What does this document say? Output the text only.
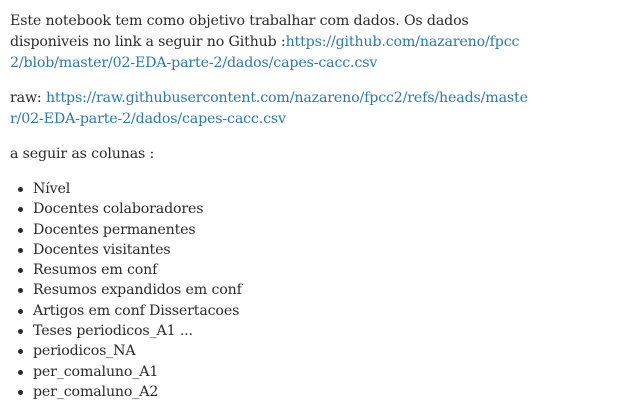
Este notebook tem como objetivo trabalhar com dados. Os dados disponiveis no link a seguir no Github :https://github.com/nazareno/fpcc2/blob/master/02-EDA-parte-2/dados/capes-cacc.csv

raw: https://raw.githubusercontent.com/nazareno/fpcc2/refs/heads/master/02-EDA-parte-2/dados/capes-cacc.csv

a seguir as colunas :

Nível
Docentes colaboradores
Docentes permanentes
Docentes visitantes
Resumos em conf
Resumos expandidos em conf
Artigos em conf Dissertacoes
Teses periodicos_A1 ...
periodicos_NA
per_comaluno_A1
per_comaluno_A2
